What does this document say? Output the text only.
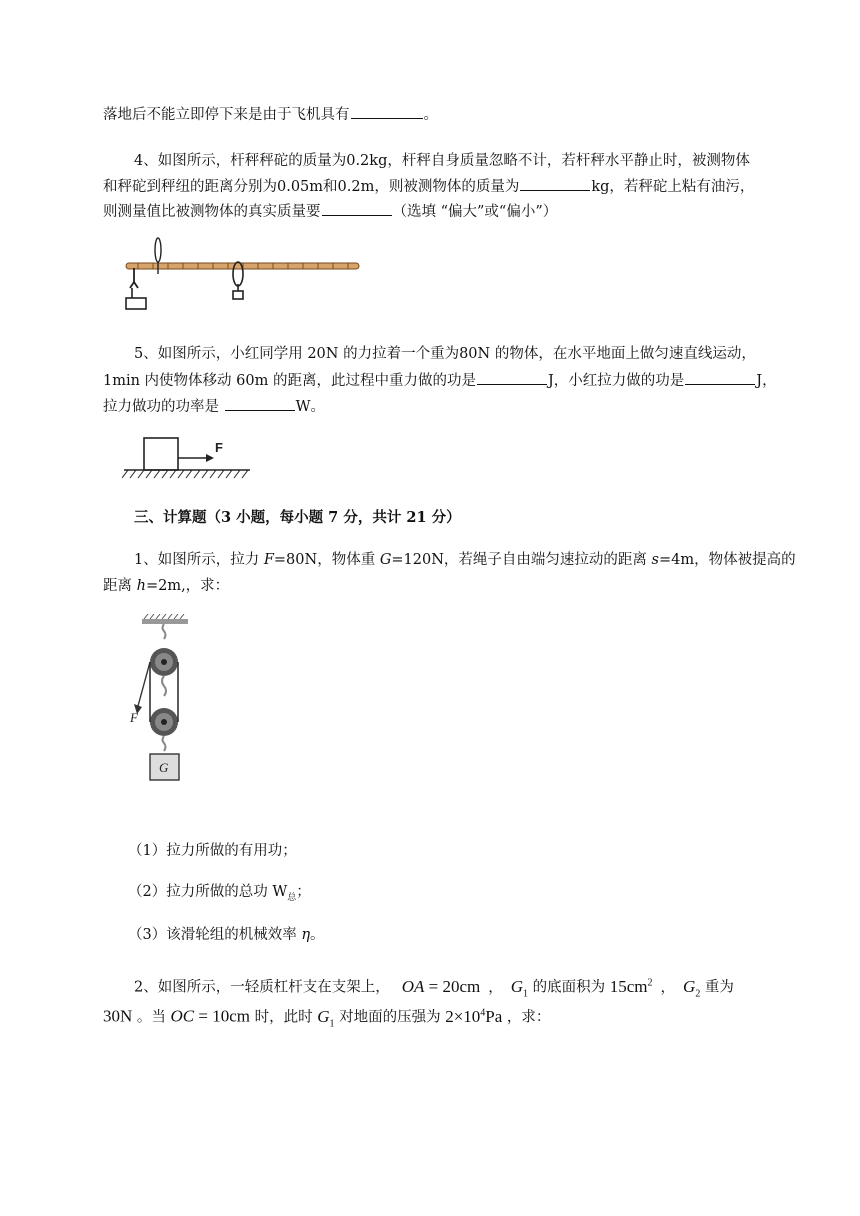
落地后不能立即停下来是由于飞机具有	。
4、如图所示，杆秤秤砣的质量为0.2kg，杆秤自身质量忽略不计，若杆秤水平静止时，被测物体
和秤砣到秤纽的距离分别为0.05m和0.2m，则被测物体的质量为	kg，若秤砣上粘有油污，
则测量值比被测物体的真实质量要	（选填 “偏大”或“偏小”）
5、如图所示，小红同学用 20N 的力拉着一个重为80N 的物体，在水平地面上做匀速直线运动，
1min 内使物体移动 60m 的距离，此过程中重力做的功是	J，小红拉力做的功是	J，
拉力做功的功率是	W。
F
三、计算题（3 小题，每小题 7 分，共计 21 分）
1、如图所示，拉力 F=80N，物体重 G=120N，若绳子自由端匀速拉动的距离 s=4m，物体被提高的
距离 h=2m,，求：
F
G
（1）拉力所做的有用功；
（2）拉力所做的总功 $W_总$；
（3）该滑轮组的机械效率 η。
2、如图所示，一轻质杠杆支在支架上， OA = 20cm ， $G_1$ 的底面积为 $15cm^2$ ， $G_2$ 重为
30N 。当 OC = 10cm 时，此时 $G_1$ 对地面的压强为 $2\times 10^4Pa$ ，求：
